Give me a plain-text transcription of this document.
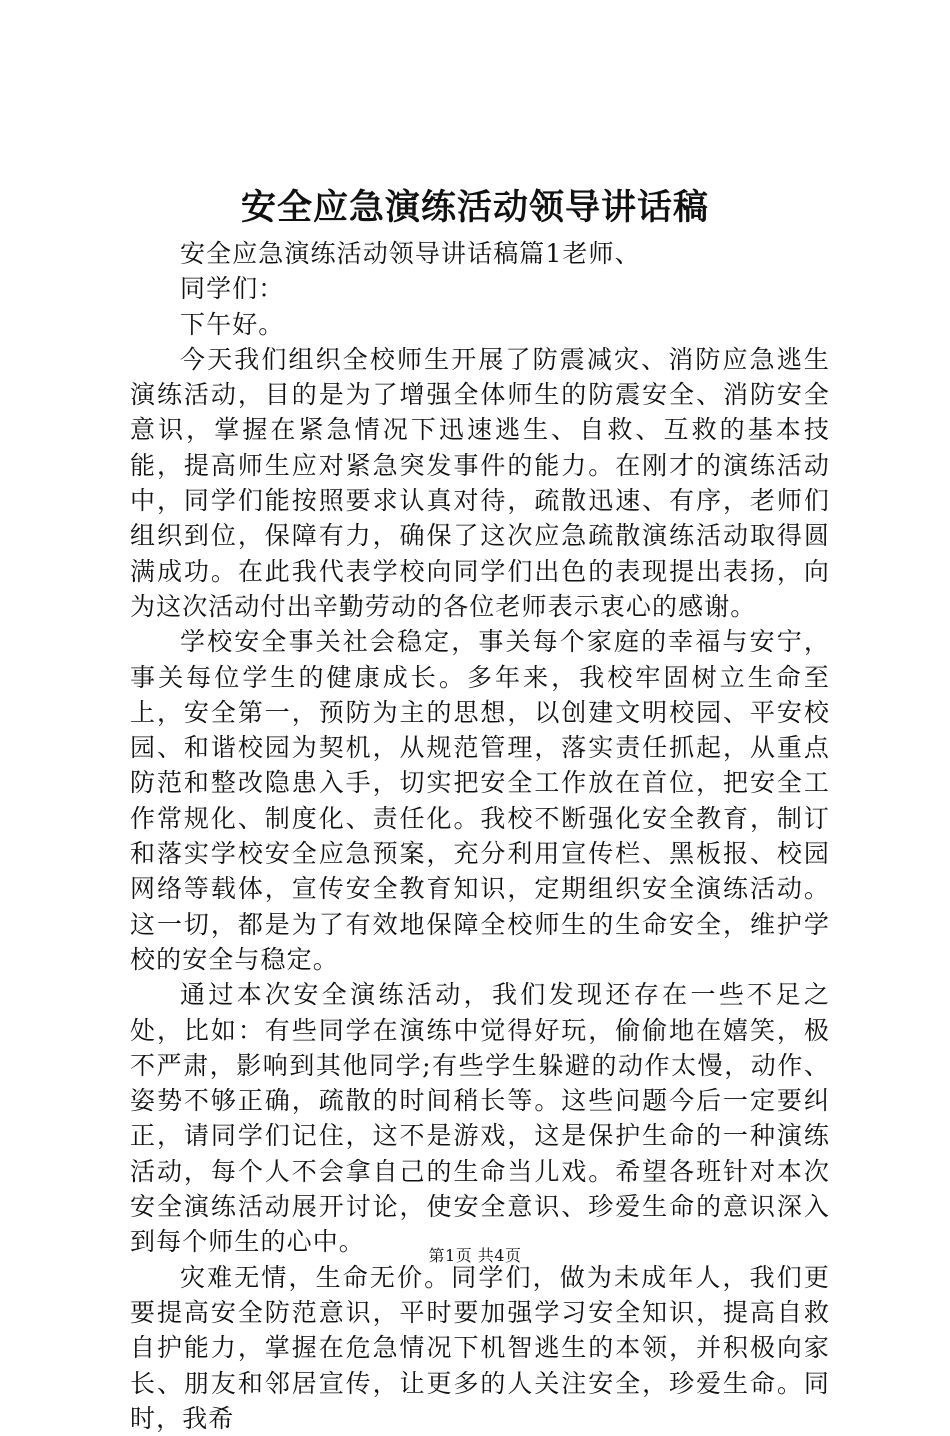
安全应急演练活动领导讲话稿

安全应急演练活动领导讲话稿篇1老师、

同学们：

下午好。

今天我们组织全校师生开展了防震减灾、消防应急逃生演练活动，目的是为了增强全体师生的防震安全、消防安全意识，掌握在紧急情况下迅速逃生、自救、互救的基本技能，提高师生应对紧急突发事件的能力。在刚才的演练活动中，同学们能按照要求认真对待，疏散迅速、有序，老师们组织到位，保障有力，确保了这次应急疏散演练活动取得圆满成功。在此我代表学校向同学们出色的表现提出表扬，向为这次活动付出辛勤劳动的各位老师表示衷心的感谢。

学校安全事关社会稳定，事关每个家庭的幸福与安宁，事关每位学生的健康成长。多年来，我校牢固树立生命至上，安全第一，预防为主的思想，以创建文明校园、平安校园、和谐校园为契机，从规范管理，落实责任抓起，从重点防范和整改隐患入手，切实把安全工作放在首位，把安全工作常规化、制度化、责任化。我校不断强化安全教育，制订和落实学校安全应急预案，充分利用宣传栏、黑板报、校园网络等载体，宣传安全教育知识，定期组织安全演练活动。这一切，都是为了有效地保障全校师生的生命安全，维护学校的安全与稳定。

通过本次安全演练活动，我们发现还存在一些不足之处，比如：有些同学在演练中觉得好玩，偷偷地在嬉笑，极不严肃，影响到其他同学;有些学生躲避的动作太慢，动作、姿势不够正确，疏散的时间稍长等。这些问题今后一定要纠正，请同学们记住，这不是游戏，这是保护生命的一种演练活动，每个人不会拿自己的生命当儿戏。希望各班针对本次安全演练活动展开讨论，使安全意识、珍爱生命的意识深入到每个师生的心中。

灾难无情，生命无价。同学们，做为未成年人，我们更要提高安全防范意识，平时要加强学习安全知识，提高自救自护能力，掌握在危急情况下机智逃生的本领，并积极向家长、朋友和邻居宣传，让更多的人关注安全，珍爱生命。同时，我希

第1页 共4页
